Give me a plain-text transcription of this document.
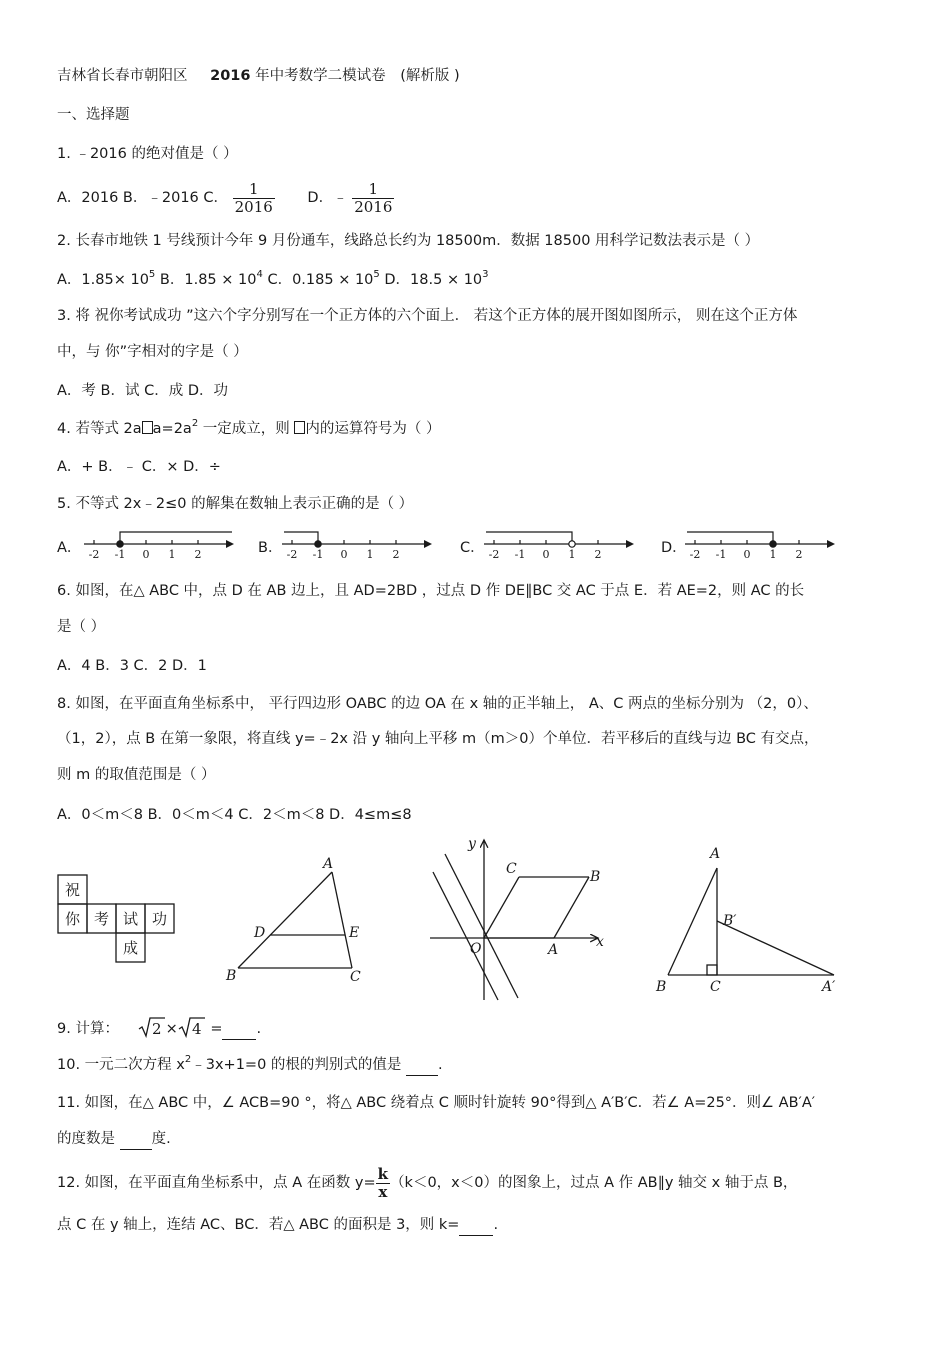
吉林省长春市朝阳区 2016 年中考数学二模试卷 (解析版 )
一、选择题
1. ﹣2016 的绝对值是（ ）
A．2016 B．﹣2016 C． $\frac{1}{2016}$ D．﹣ $\frac{1}{2016}$
2. 长春市地铁 1 号线预计今年 9 月份通车，线路总长约为 18500m．数据 18500 用科学记数法表示是（ ）
A．$1.85\times 10^5$ B．$1.85 \times 10^4$ C．$0.185 \times 10^5$ D．$18.5 \times 10^3$
3. 将 祝你考试成功 ”这六个字分别写在一个正方体的六个面上． 若这个正方体的展开图如图所示， 则在这个正方体
中，与 你”字相对的字是（ ）
A．考 B．试 C．成 D．功
4. 若等式 2a $a=2a^2$ 一定成立，则 内的运算符号为（ ）
A．+ B．﹣ C．× D．÷
5. 不等式 2x﹣2≤0 的解集在数轴上表示正确的是（ ）
A．	B．	C．	D．
-2 -1 0 1 2	-2 -1 0 1 2	-2 -1 0 1 2	-2 -1 0 1 2
6. 如图，在△ ABC 中，点 D 在 AB 边上，且 AD=2BD ，过点 D 作 DE∥BC 交 AC 于点 E．若 AE=2，则 AC 的长
是（ ）
A．4 B．3 C．2 D．1
8. 如图，在平面直角坐标系中， 平行四边形 OABC 的边 OA 在 x 轴的正半轴上， A、C 两点的坐标分别为 （2，0）、
（1，2），点 B 在第一象限，将直线 y=﹣2x 沿 y 轴向上平移 m（m＞0）个单位．若平移后的直线与边 BC 有交点，
则 m 的取值范围是（ ）
A．0＜m＜8 B．0＜m＜4 C．2＜m＜8 D．4≤m≤8
祝
你 考 试 功
成
A
D	E
B	C
y
x
O	A
B
C
A
B′
B	C	A′
9. 计算： 2 × 4 = .
10. 一元二次方程 $x^2﹣3x+1=0$ 的根的判别式的值是  .
11. 如图，在△ ABC 中，∠ ACB=90 °，将△ ABC 绕着点 C 顺时针旋转 90°得到△ A′B′C．若∠ A=25°．则∠ AB′A′
的度数是  度.
12. 如图，在平面直角坐标系中，点 A 在函数 $y= \frac{k}{x} (k<0$，x＜0）的图象上，过点 A 作 AB∥y 轴交 x 轴于点 B，
点 C 在 y 轴上，连结 AC、BC．若△ ABC 的面积是 3，则 k= .
